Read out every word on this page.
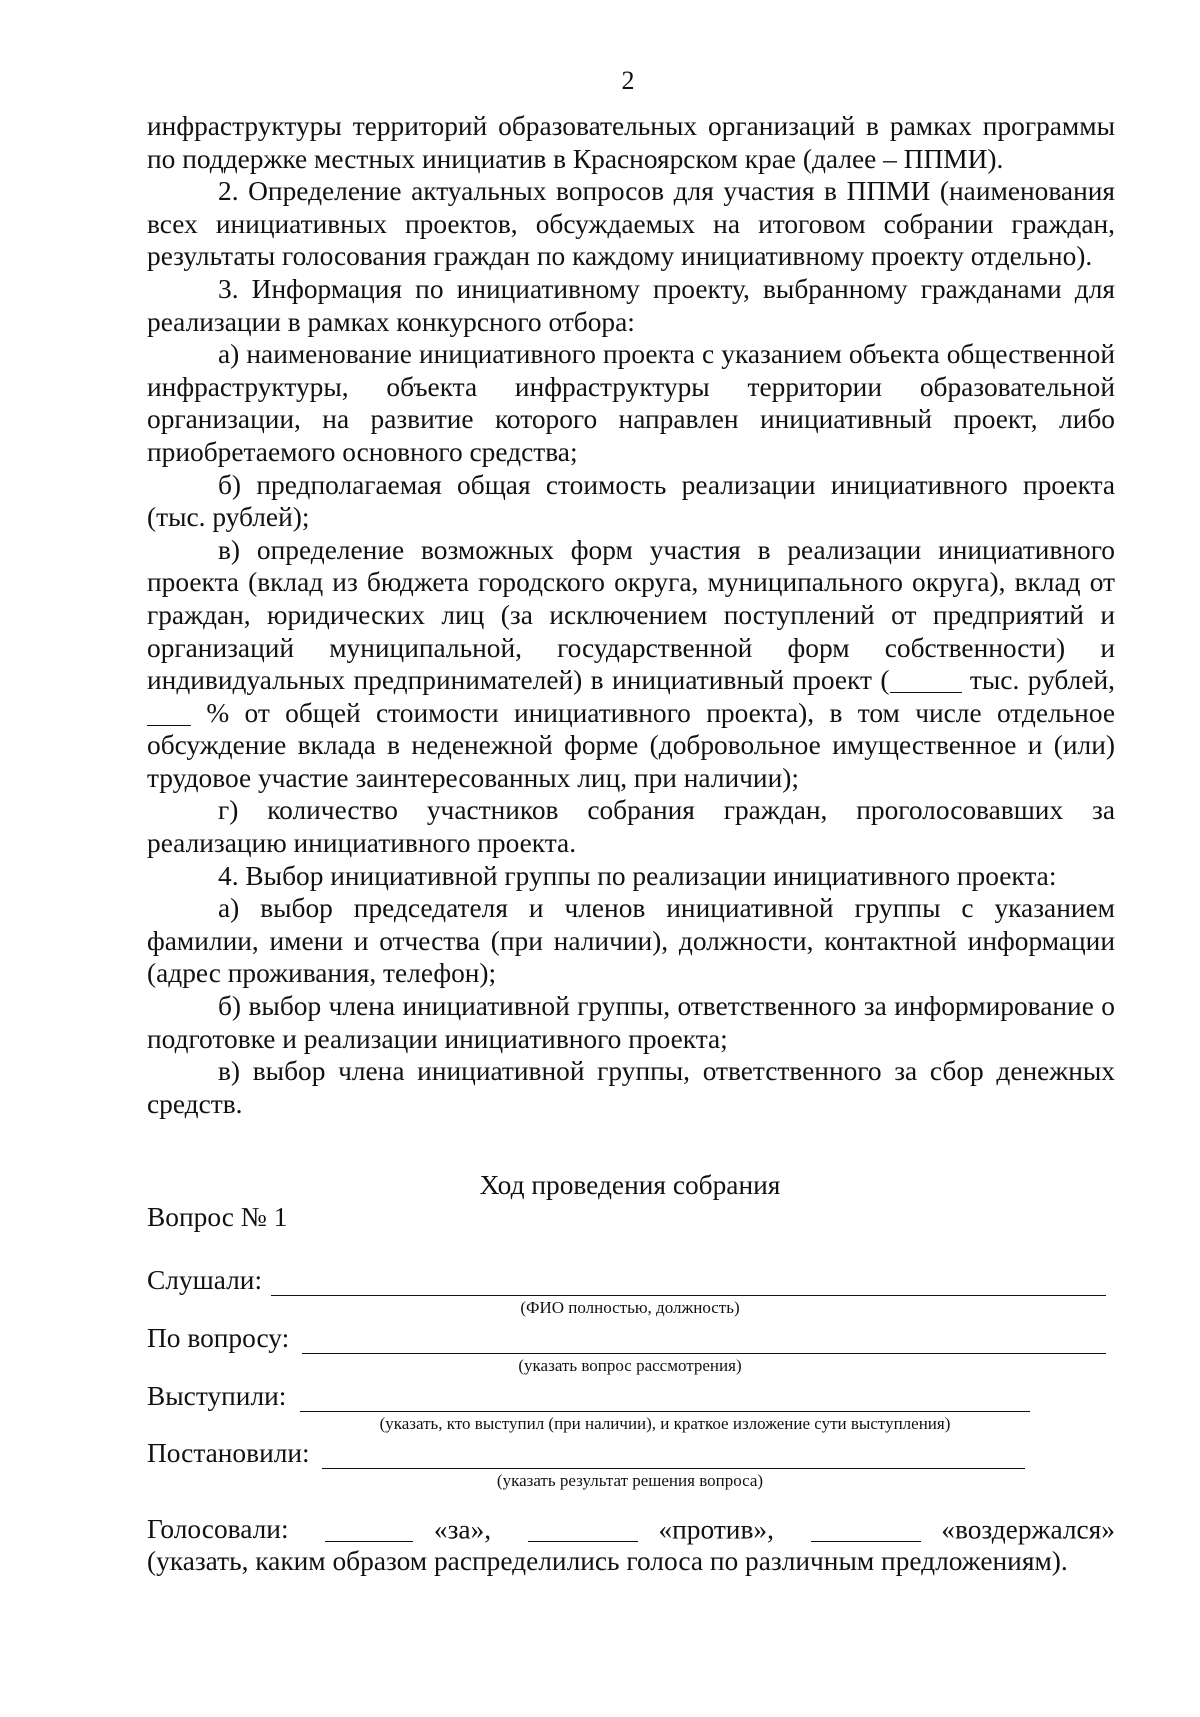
2

инфраструктуры территорий образовательных организаций в рамках программы по поддержке местных инициатив в Красноярском крае (далее – ППМИ).

2. Определение актуальных вопросов для участия в ППМИ (наименования всех инициативных проектов, обсуждаемых на итоговом собрании граждан, результаты голосования граждан по каждому инициативному проекту отдельно).

3. Информация по инициативному проекту, выбранному гражданами для реализации в рамках конкурсного отбора:

а) наименование инициативного проекта с указанием объекта общественной инфраструктуры, объекта инфраструктуры территории образовательной организации, на развитие которого направлен инициативный проект, либо приобретаемого основного средства;

б) предполагаемая общая стоимость реализации инициативного проекта (тыс. рублей);

в) определение возможных форм участия в реализации инициативного проекта (вклад из бюджета городского округа, муниципального округа), вклад от граждан, юридических лиц (за исключением поступлений от предприятий и организаций муниципальной, государственной форм собственности) и индивидуальных предпринимателей) в инициативный проект (	тыс. рублей,  % от общей стоимости инициативного проекта), в том числе отдельное обсуждение вклада в неденежной форме (добровольное имущественное и (или) трудовое участие заинтересованных лиц, при наличии);

г) количество участников собрания граждан, проголосовавших за реализацию инициативного проекта.

4. Выбор инициативной группы по реализации инициативного проекта:

а) выбор председателя и членов инициативной группы с указанием фамилии, имени и отчества (при наличии), должности, контактной информации (адрес проживания, телефон);

б) выбор члена инициативной группы, ответственного за информирование о подготовке и реализации инициативного проекта;

в) выбор члена инициативной группы, ответственного за сбор денежных средств.

Ход проведения собрания
Вопрос № 1
Слушали:
(ФИО полностью, должность)
По вопросу:
(указать вопрос рассмотрения)
Выступили:
(указать, кто выступил (при наличии), и краткое изложение сути выступления)
Постановили:
(указать результат решения вопроса)
Голосовали:	«за»,	«против»,	«воздержался»
(указать, каким образом распределились голоса по различным предложениям).
